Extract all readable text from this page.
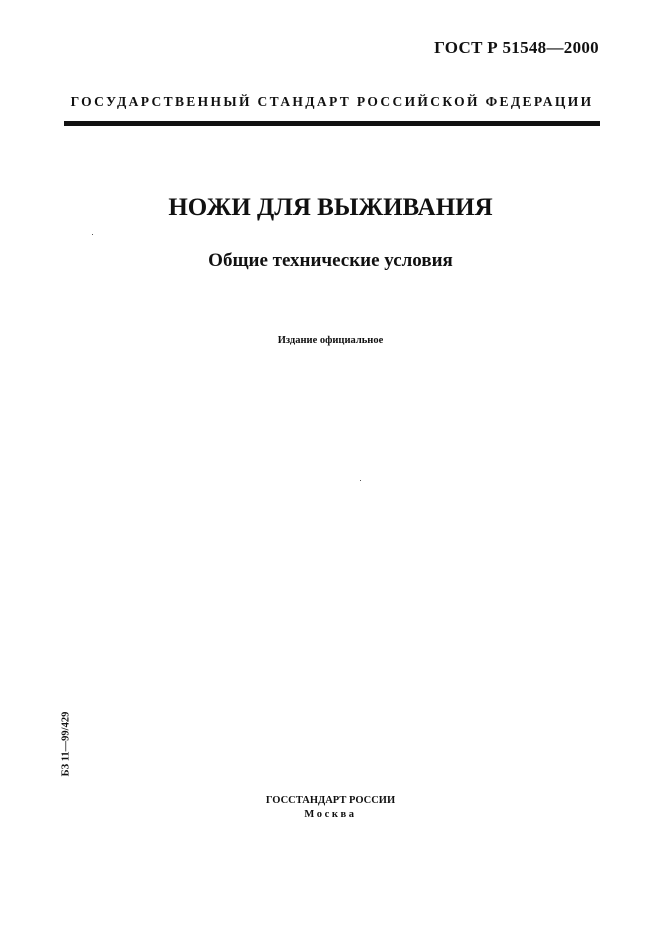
ГОСТ Р 51548—2000
ГОСУДАРСТВЕННЫЙ СТАНДАРТ РОССИЙСКОЙ ФЕДЕРАЦИИ
НОЖИ ДЛЯ ВЫЖИВАНИЯ
Общие технические условия
Издание официальное
БЗ 11—99/429
ГОССТАНДАРТ РОССИИ
Москва
